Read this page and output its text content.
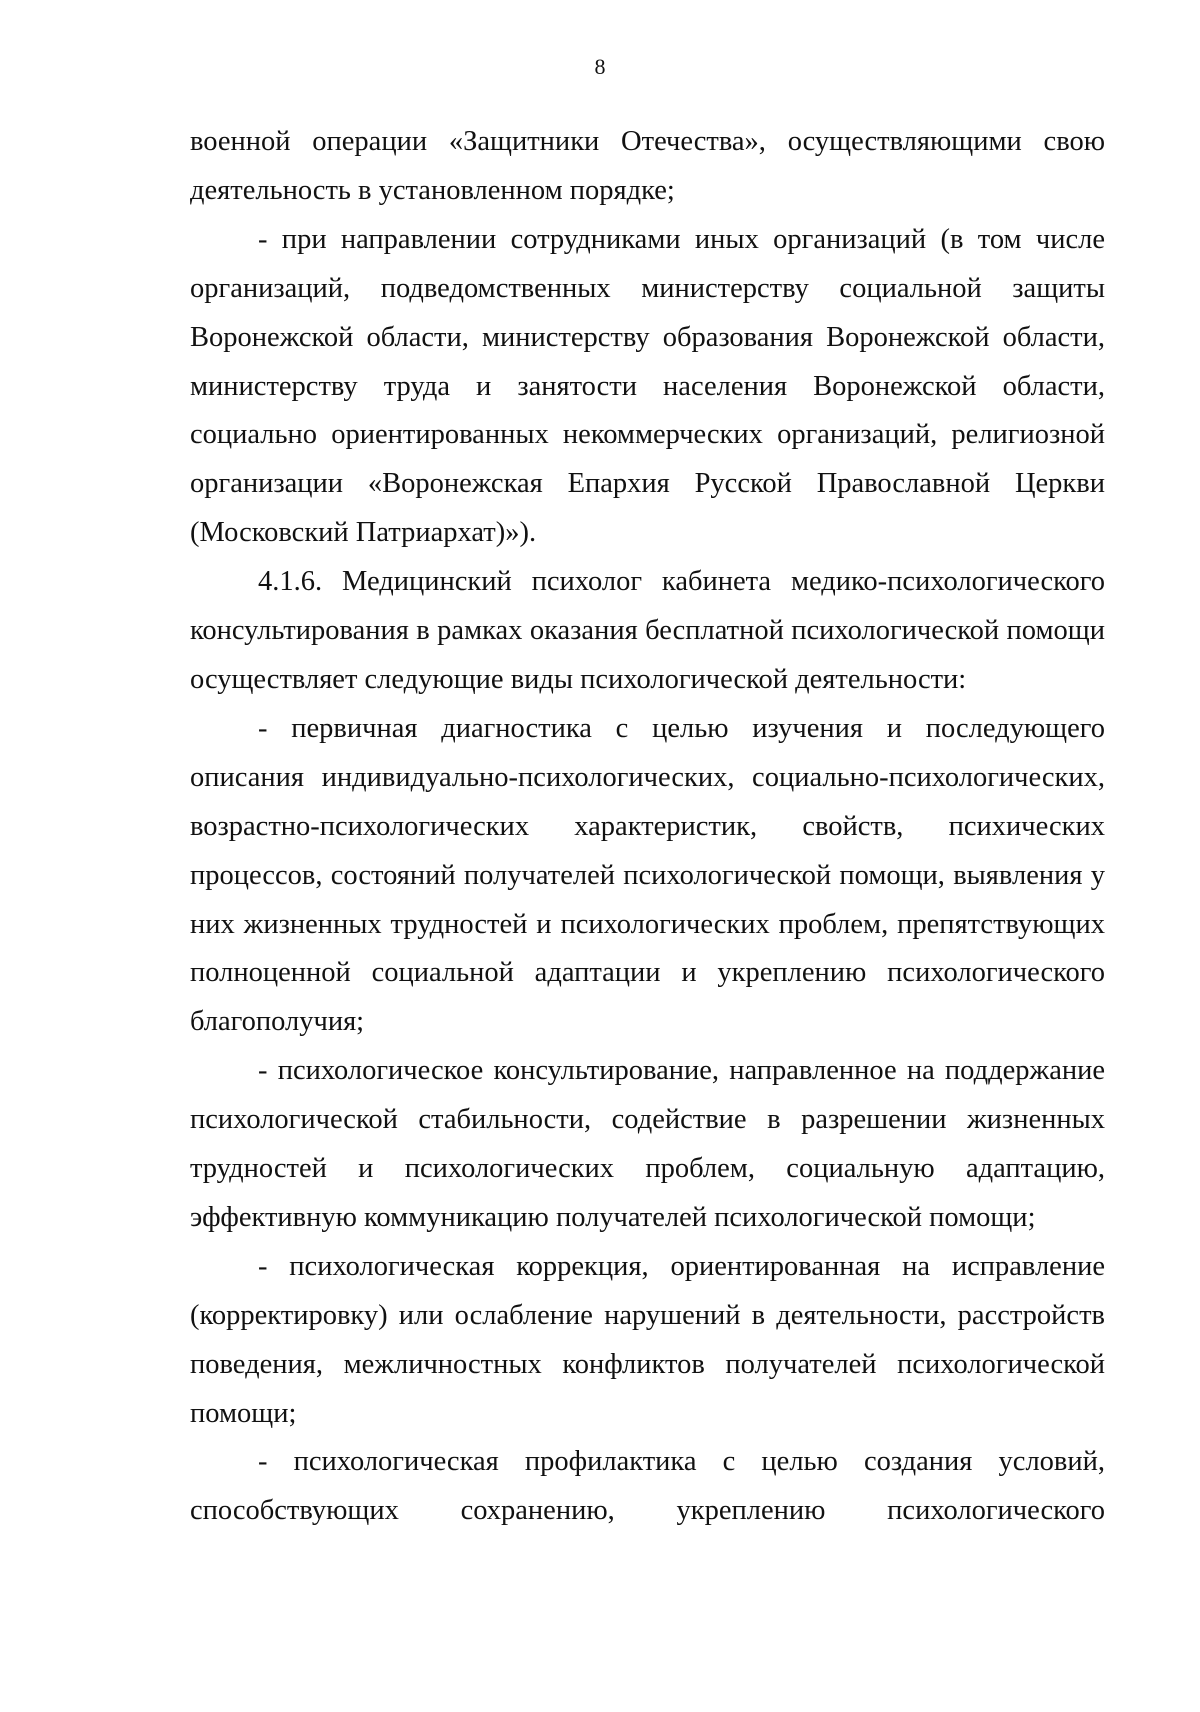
8
военной операции «Защитники Отечества», осуществляющими свою
деятельность в установленном порядке;
- при направлении сотрудниками иных организаций (в том числе
организаций, подведомственных министерству социальной защиты
Воронежской области, министерству образования Воронежской области,
министерству труда и занятости населения Воронежской области,
социально ориентированных некоммерческих организаций, религиозной
организации «Воронежская Епархия Русской Православной Церкви
(Московский Патриархат)»).
4.1.6. Медицинский психолог кабинета медико-психологического
консультирования в рамках оказания бесплатной психологической помощи
осуществляет следующие виды психологической деятельности:
- первичная диагностика с целью изучения и последующего
описания индивидуально-психологических, социально-психологических,
возрастно-психологических характеристик, свойств, психических
процессов, состояний получателей психологической помощи, выявления у
них жизненных трудностей и психологических проблем, препятствующих
полноценной социальной адаптации и укреплению психологического
благополучия;
- психологическое консультирование, направленное на поддержание
психологической стабильности, содействие в разрешении жизненных
трудностей и психологических проблем, социальную адаптацию,
эффективную коммуникацию получателей психологической помощи;
- психологическая коррекция, ориентированная на исправление
(корректировку) или ослабление нарушений в деятельности, расстройств
поведения, межличностных конфликтов получателей психологической
помощи;
- психологическая профилактика с целью создания условий,
способствующих сохранению, укреплению психологического
